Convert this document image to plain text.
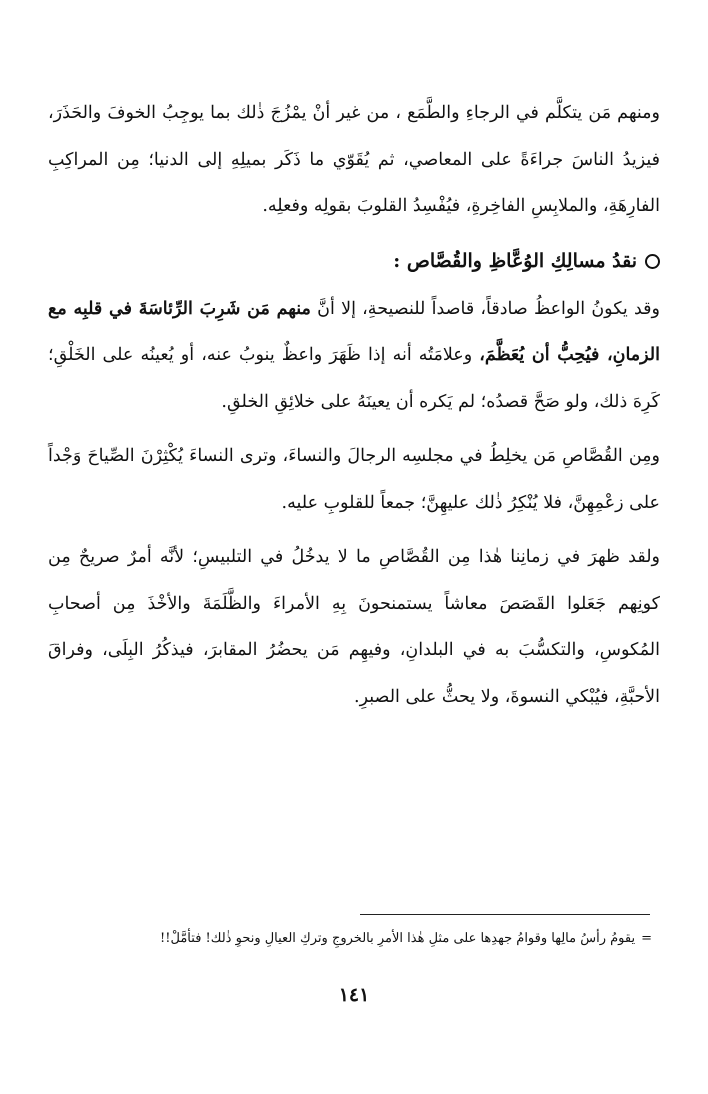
ومنهم مَن يتكلَّم في الرجاءِ والطَّمَع ، من غير أنْ يمْزُجَ ذٰلك بما يوجِبُ الخوفَ والحَذَرَ، فيزيدُ الناسَ جراءَةً على المعاصي، ثم يُقَوّي ما ذَكَر بميلِهِ إلى الدنيا؛ مِن المراكِبِ الفارِهَةِ، والملابِسِ الفاخِرةِ، فيُفْسِدُ القلوبَ بقولِه وفعلِه.

نقدُ مسالِكِ الوُعَّاظِ والقُصَّاص :

وقد يكونُ الواعظُ صادقاً، قاصداً للنصيحةِ، إلا أنَّ منهم مَن شَرِبَ الرِّئاسَةَ في قلبِه مع الزمانِ، فيُحِبُّ أن يُعَظَّمَ، وعلامَتُه أنه إذا ظَهَرَ واعظٌ ينوبُ عنه، أو يُعينُه على الخَلْقِ؛ كَرِهَ ذلك، ولو صَحَّ قصدُه؛ لم يَكره أن يعينَهُ على خلائِقِ الخلقِ.

ومِن القُصَّاصِ مَن يخلِطُ في مجلسِه الرجالَ والنساءَ، وترى النساءَ يُكْثِرْنَ الصِّياحَ وَجْداً على زعْمِهِنَّ، فلا يُنْكِرُ ذٰلك عليهِنَّ؛ جمعاً للقلوبِ عليه.

ولقد ظهرَ في زمانِنا هٰذا مِن القُصَّاصِ ما لا يدخُلُ في التلبيسِ؛ لأنَّه أمرٌ صريحٌ مِن كونِهم جَعَلوا القَصَصَ معاشاً يستمنحونَ بِهِ الأمراءَ والظَّلَمَةَ والأخْذَ مِن أصحابِ المُكوسِ، والتكسُّبَ به في البلدانِ، وفيهِم مَن يحضُرُ المقابرَ، فيذكُرُ البِلَى، وفراقَ الأحبَّةِ، فيُبْكي النسوةَ، ولا يحثُّ على الصبرِ.

=يقومُ رأسُ مالِها وقوامُ جهدِها على مثلِ هٰذا الأمرِ بالخروجِ وتركِ العيالِ ونحوِ ذٰلك! فتأمَّلْ!!
١٤١
